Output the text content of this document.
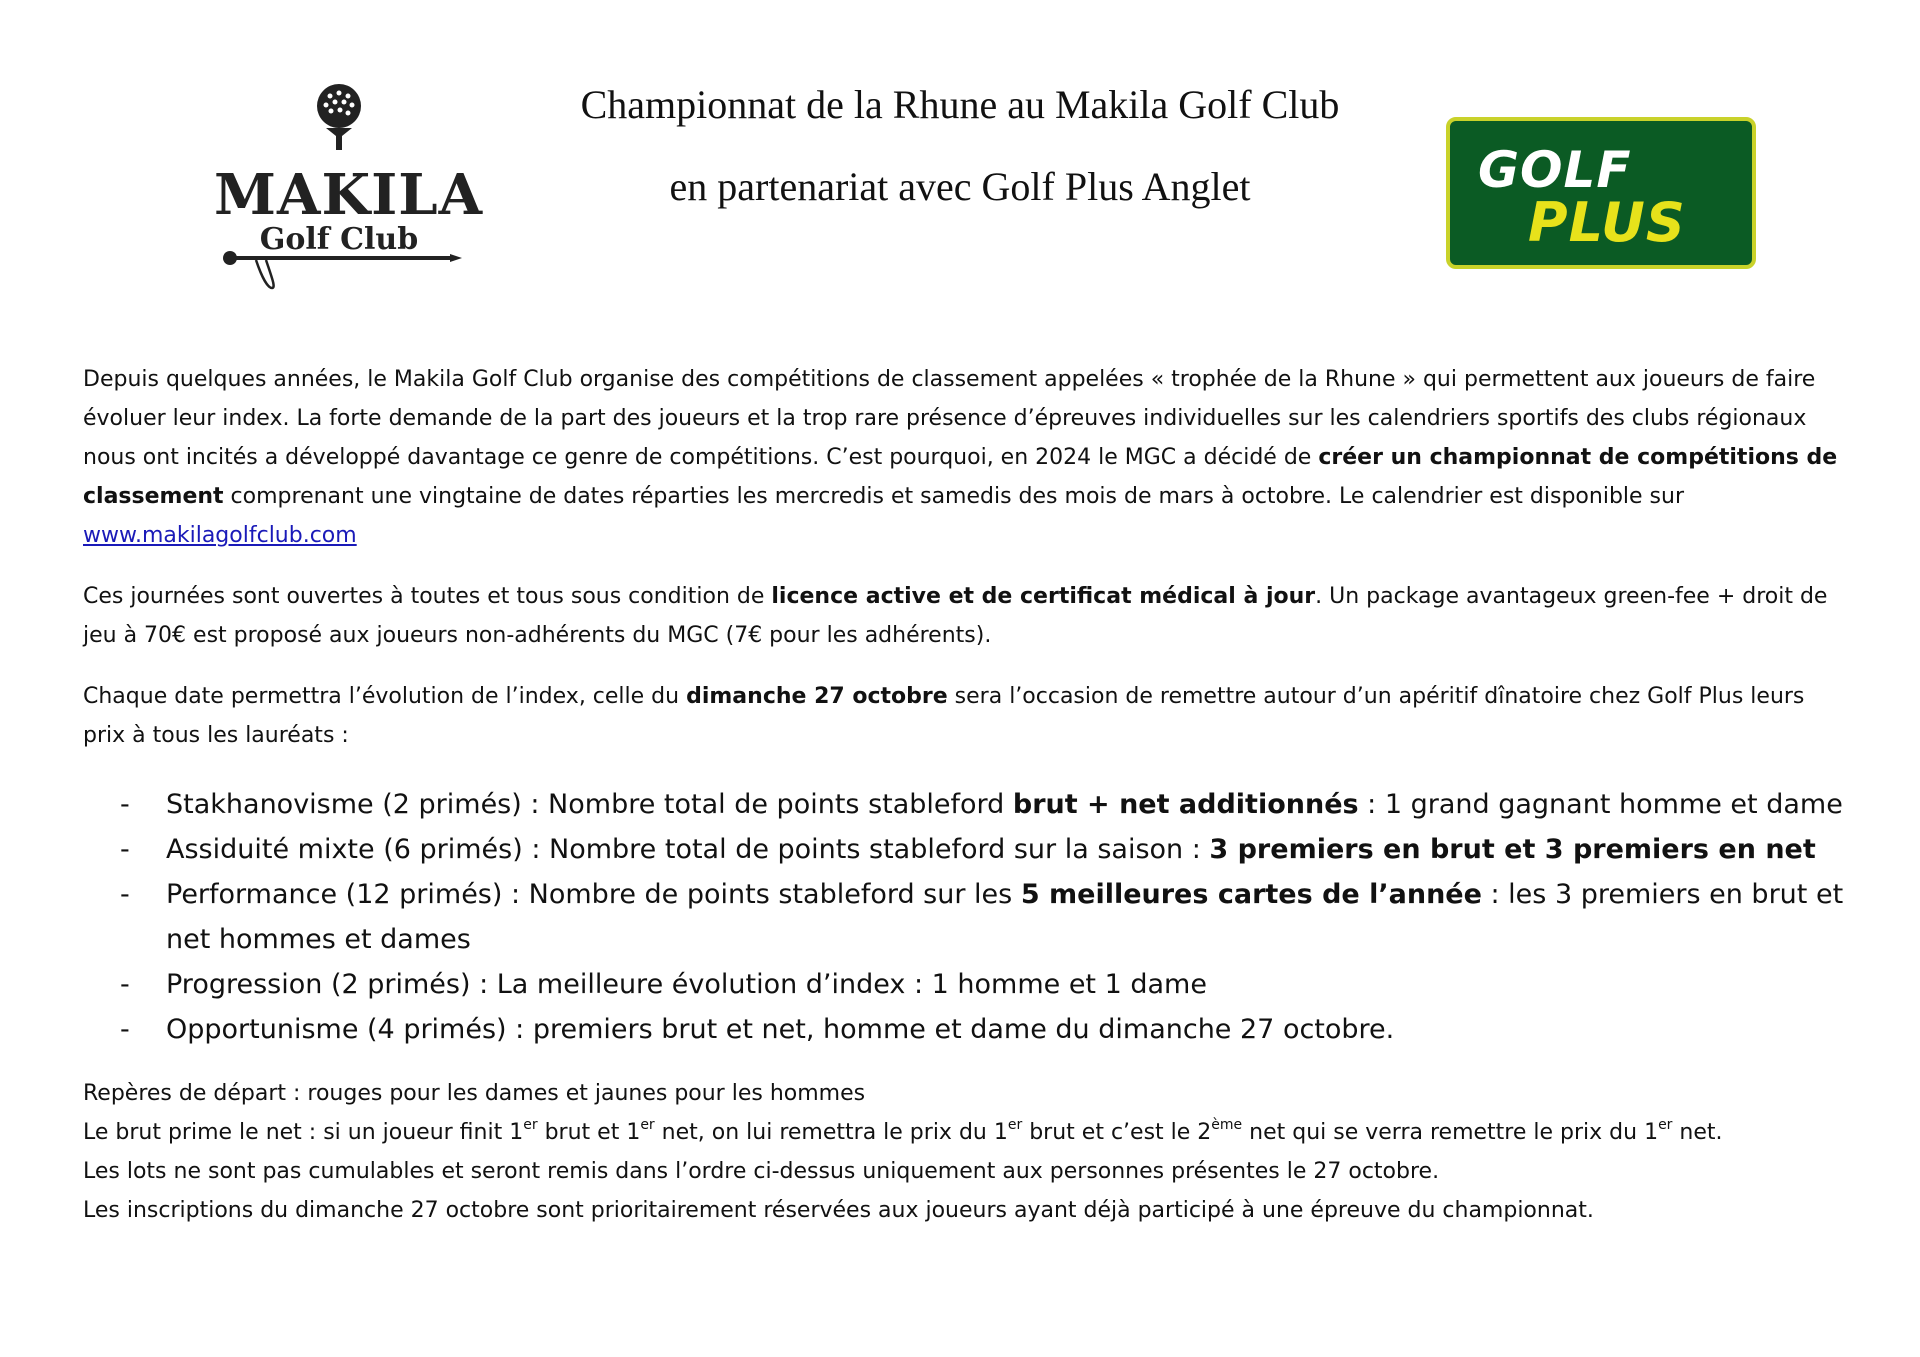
MAKILA
Golf Club
Championnat de la Rhune au Makila Golf Club
en partenariat avec Golf Plus Anglet	GOLF
PLUS

Depuis quelques années, le Makila Golf Club organise des compétitions de classement appelées « trophée de la Rhune » qui permettent aux joueurs de faire évoluer leur index. La forte demande de la part des joueurs et la trop rare présence d’épreuves individuelles sur les calendriers sportifs des clubs régionaux nous ont incités a développé davantage ce genre de compétitions. C’est pourquoi, en 2024 le MGC a décidé de créer un championnat de compétitions de classement comprenant une vingtaine de dates réparties les mercredis et samedis des mois de mars à octobre. Le calendrier est disponible sur
www.makilagolfclub.com

Ces journées sont ouvertes à toutes et tous sous condition de licence active et de certificat médical à jour. Un package avantageux green-fee + droit de jeu à 70€ est proposé aux joueurs non-adhérents du MGC (7€ pour les adhérents).

Chaque date permettra l’évolution de l’index, celle du dimanche 27 octobre sera l’occasion de remettre autour d’un apéritif dînatoire chez Golf Plus leurs prix à tous les lauréats :

- Stakhanovisme (2 primés) : Nombre total de points stableford brut + net additionnés : 1 grand gagnant homme et dame
- Assiduité mixte (6 primés) : Nombre total de points stableford sur la saison : 3 premiers en brut et 3 premiers en net
- Performance (12 primés) : Nombre de points stableford sur les 5 meilleures cartes de l’année : les 3 premiers en brut et net hommes et dames
- Progression (2 primés) : La meilleure évolution d’index : 1 homme et 1 dame
- Opportunisme (4 primés) : premiers brut et net, homme et dame du dimanche 27 octobre.
Repères de départ : rouges pour les dames et jaunes pour les hommes
Le brut prime le net : si un joueur finit 1er brut et 1er net, on lui remettra le prix du 1er brut et c’est le 2ème net qui se verra remettre le prix du 1er net.
Les lots ne sont pas cumulables et seront remis dans l’ordre ci-dessus uniquement aux personnes présentes le 27 octobre.
Les inscriptions du dimanche 27 octobre sont prioritairement réservées aux joueurs ayant déjà participé à une épreuve du championnat.
